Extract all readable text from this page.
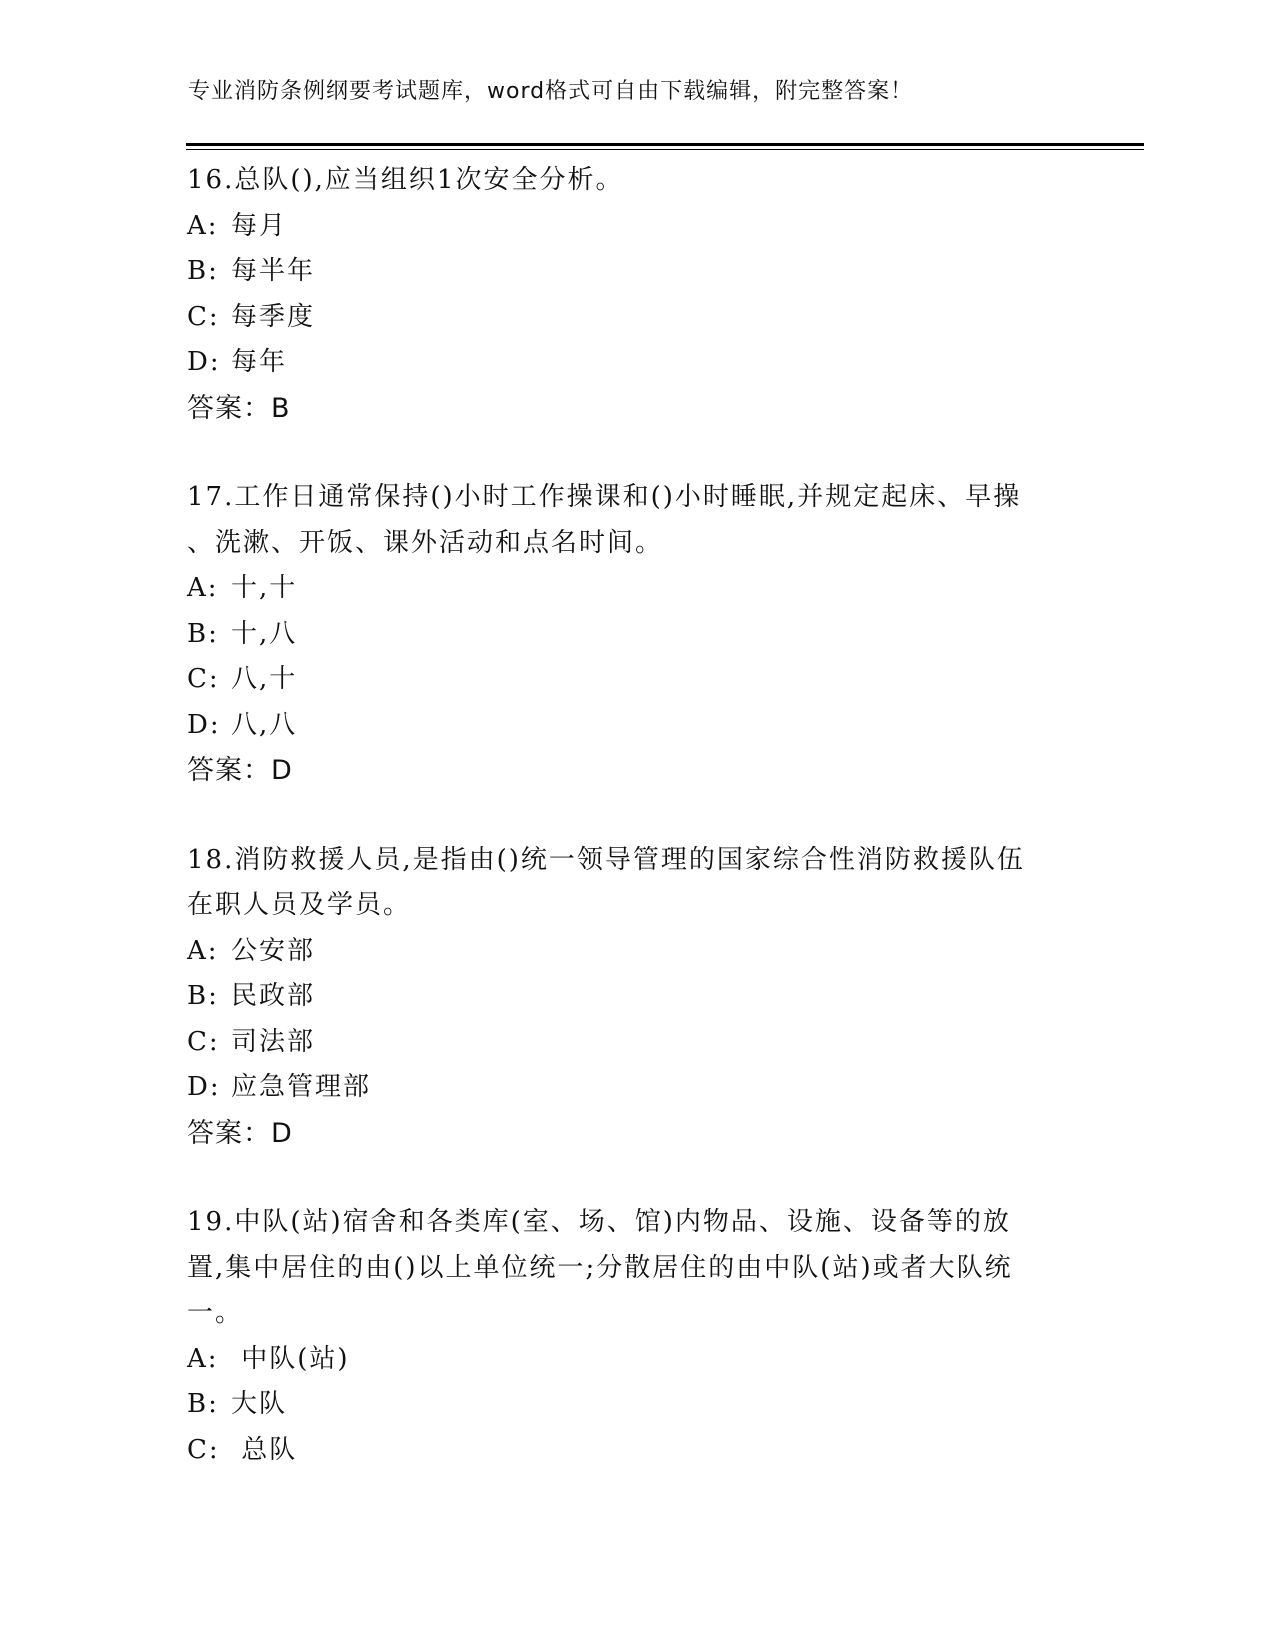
专业消防条例纲要考试题库，word格式可自由下载编辑，附完整答案！
16.总队(),应当组织1次安全分析。
A: 每月
B: 每半年
C: 每季度
D: 每年
答案：B
17.工作日通常保持()小时工作操课和()小时睡眠,并规定起床、早操
、洗漱、开饭、课外活动和点名时间。
A: 十,十
B: 十,八
C: 八,十
D: 八,八
答案：D
18.消防救援人员,是指由()统一领导管理的国家综合性消防救援队伍
在职人员及学员。
A: 公安部
B: 民政部
C: 司法部
D: 应急管理部
答案：D
19.中队(站)宿舍和各类库(室、场、馆)内物品、设施、设备等的放
置,集中居住的由()以上单位统一;分散居住的由中队(站)或者大队统
一。
A: 中队(站)
B: 大队
C: 总队
